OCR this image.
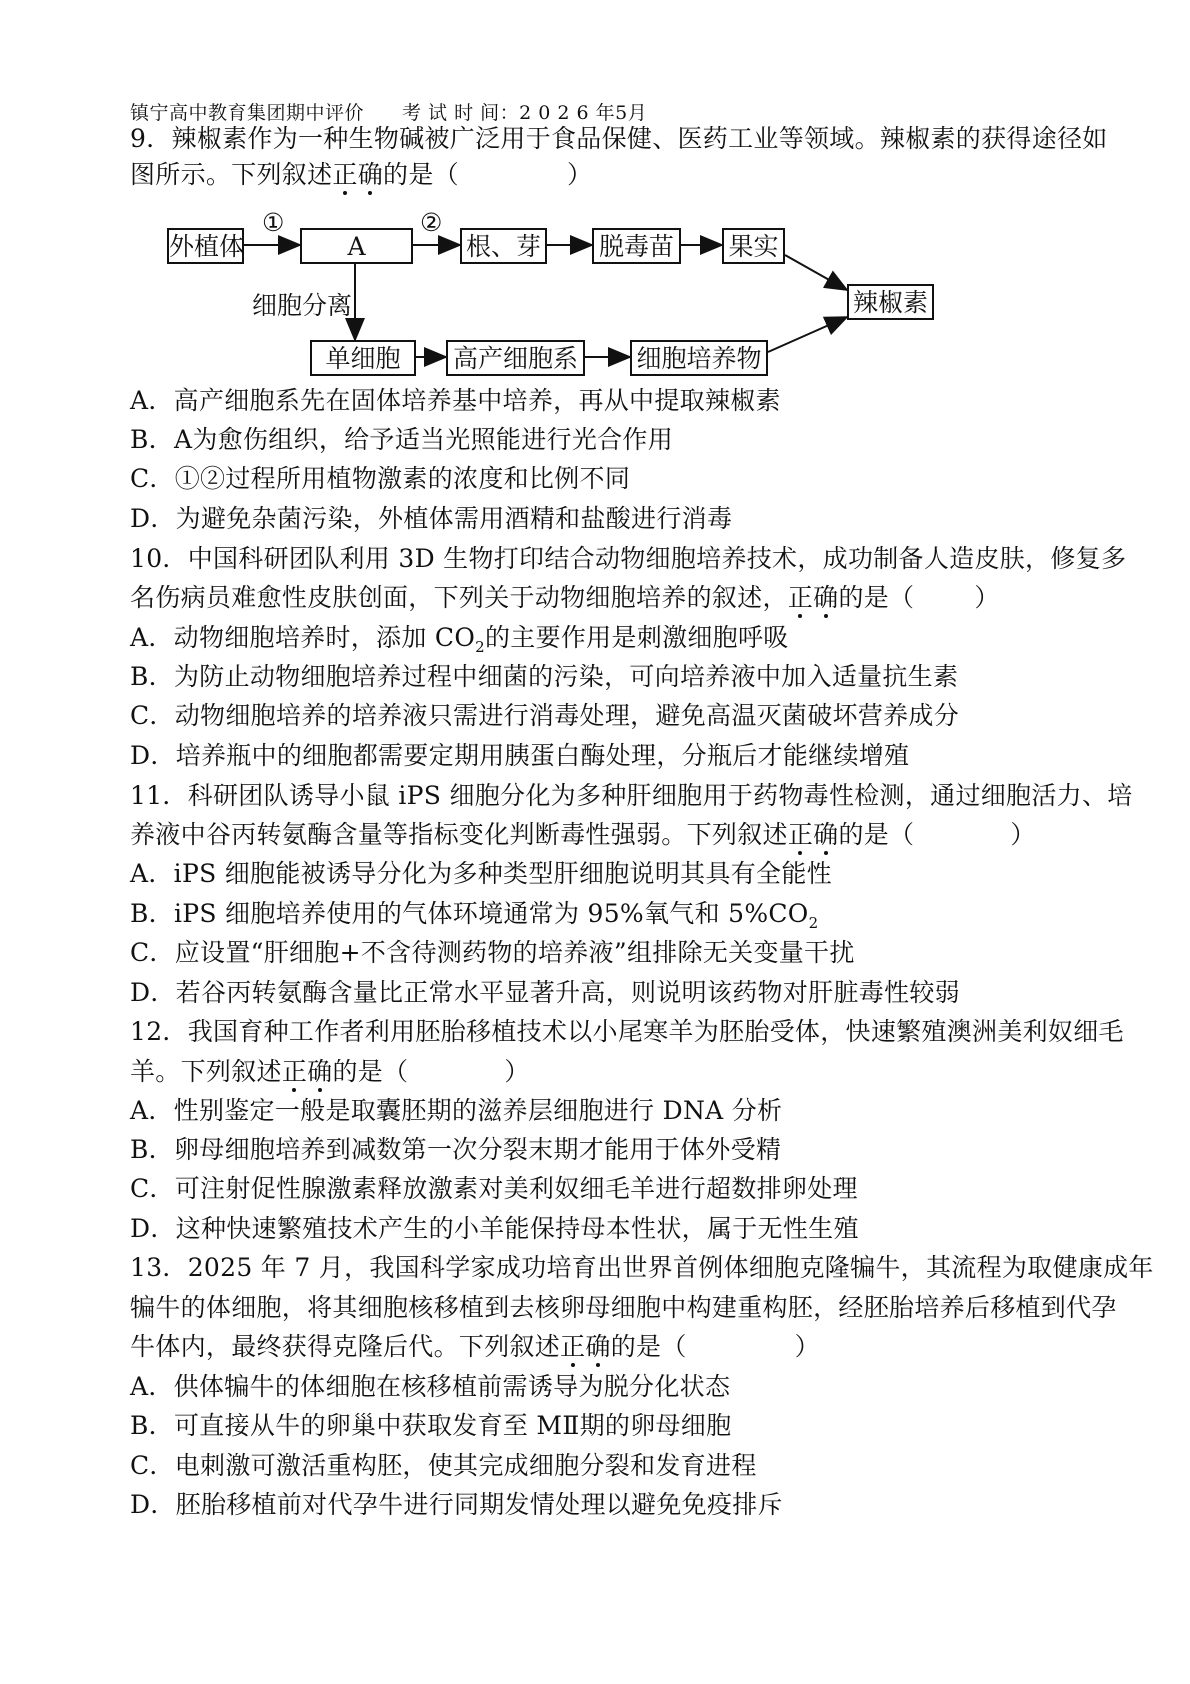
镇宁高中教育集团期中评价 考 试 时 间：2 0 2 6 年5月
9．辣椒素作为一种生物碱被广泛用于食品保健、医药工业等领域。辣椒素的获得途径如
图所示。下列叙述正确的是（	）
外植体
①
A
②
根、芽 脱毒苗 果实
辣椒素
细胞分离
单细胞	高产细胞系 细胞培养物
A．高产细胞系先在固体培养基中培养，再从中提取辣椒素
B．A为愈伤组织，给予适当光照能进行光合作用
C．①②过程所用植物激素的浓度和比例不同
D．为避免杂菌污染，外植体需用酒精和盐酸进行消毒
10．中国科研团队利用 3D 生物打印结合动物细胞培养技术，成功制备人造皮肤，修复多
名伤病员难愈性皮肤创面，下列关于动物细胞培养的叙述，正确的是（ ）
A．动物细胞培养时，添加 $CO_2$的主要作用是刺激细胞呼吸
B．为防止动物细胞培养过程中细菌的污染，可向培养液中加入适量抗生素
C．动物细胞培养的培养液只需进行消毒处理，避免高温灭菌破坏营养成分
D．培养瓶中的细胞都需要定期用胰蛋白酶处理，分瓶后才能继续增殖
11．科研团队诱导小鼠 iPS 细胞分化为多种肝细胞用于药物毒性检测，通过细胞活力、培
养液中谷丙转氨酶含量等指标变化判断毒性强弱。下列叙述正确的是（	）
A．iPS 细胞能被诱导分化为多种类型肝细胞说明其具有全能性
B．iPS 细胞培养使用的气体环境通常为 95%氧气和 $5\%CO_2$
C．应设置“肝细胞+不含待测药物的培养液”组排除无关变量干扰
D．若谷丙转氨酶含量比正常水平显著升高，则说明该药物对肝脏毒性较弱
12．我国育种工作者利用胚胎移植技术以小尾寒羊为胚胎受体，快速繁殖澳洲美利奴细毛
羊。下列叙述正确的是（	）
A．性别鉴定一般是取囊胚期的滋养层细胞进行 DNA 分析
B．卵母细胞培养到减数第一次分裂末期才能用于体外受精
C．可注射促性腺激素释放激素对美利奴细毛羊进行超数排卵处理
D．这种快速繁殖技术产生的小羊能保持母本性状，属于无性生殖
13．2025 年 7 月，我国科学家成功培育出世界首例体细胞克隆犏牛，其流程为取健康成年
犏牛的体细胞，将其细胞核移植到去核卵母细胞中构建重构胚，经胚胎培养后移植到代孕
牛体内，最终获得克隆后代。下列叙述正确的是（	）
A．供体犏牛的体细胞在核移植前需诱导为脱分化状态
B．可直接从牛的卵巢中获取发育至 MⅡ期的卵母细胞
C．电刺激可激活重构胚，使其完成细胞分裂和发育进程
D．胚胎移植前对代孕牛进行同期发情处理以避免免疫排斥
